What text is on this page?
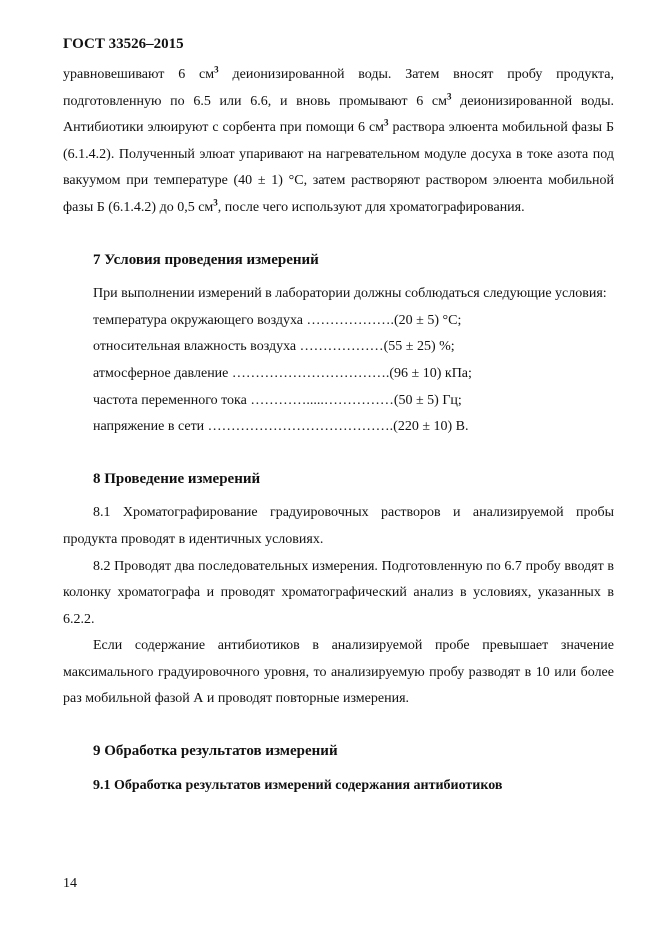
ГОСТ 33526–2015

уравновешивают 6 $см^3$ деионизированной воды. Затем вносят пробу продукта, подготовленную по 6.5 или 6.6, и вновь промывают 6 $см^3$ деионизированной воды. Антибиотики элюируют с сорбента при помощи 6 $см^3$ раствора элюента мобильной фазы Б (6.1.4.2). Полученный элюат упаривают на нагревательном модуле досуха в токе азота под вакуумом при температуре (40 ± 1) °С, затем растворяют раствором элюента мобильной фазы Б (6.1.4.2) до 0,5 $см^3$, после чего используют для хроматографирования.

7 Условия проведения измерений

При выполнении измерений в лаборатории должны соблюдаться следующие условия:

температура окружающего воздуха ……………….(20 ± 5) °С;
относительная влажность воздуха ………………(55 ± 25) %;
атмосферное давление …………………………….(96 ± 10) кПа;
частота переменного тока ………….....……………(50 ± 5) Гц;
напряжение в сети ………………………………….(220 ± 10) В.
8 Проведение измерений

8.1 Хроматографирование градуировочных растворов и анализируемой пробы продукта проводят в идентичных условиях.

8.2 Проводят два последовательных измерения. Подготовленную по 6.7 пробу вводят в колонку хроматографа и проводят хроматографический анализ в условиях, указанных в 6.2.2.

Если содержание антибиотиков в анализируемой пробе превышает значение максимального градуировочного уровня, то анализируемую пробу разводят в 10 или более раз мобильной фазой А и проводят повторные измерения.

9 Обработка результатов измерений

9.1 Обработка результатов измерений содержания антибиотиков

14
